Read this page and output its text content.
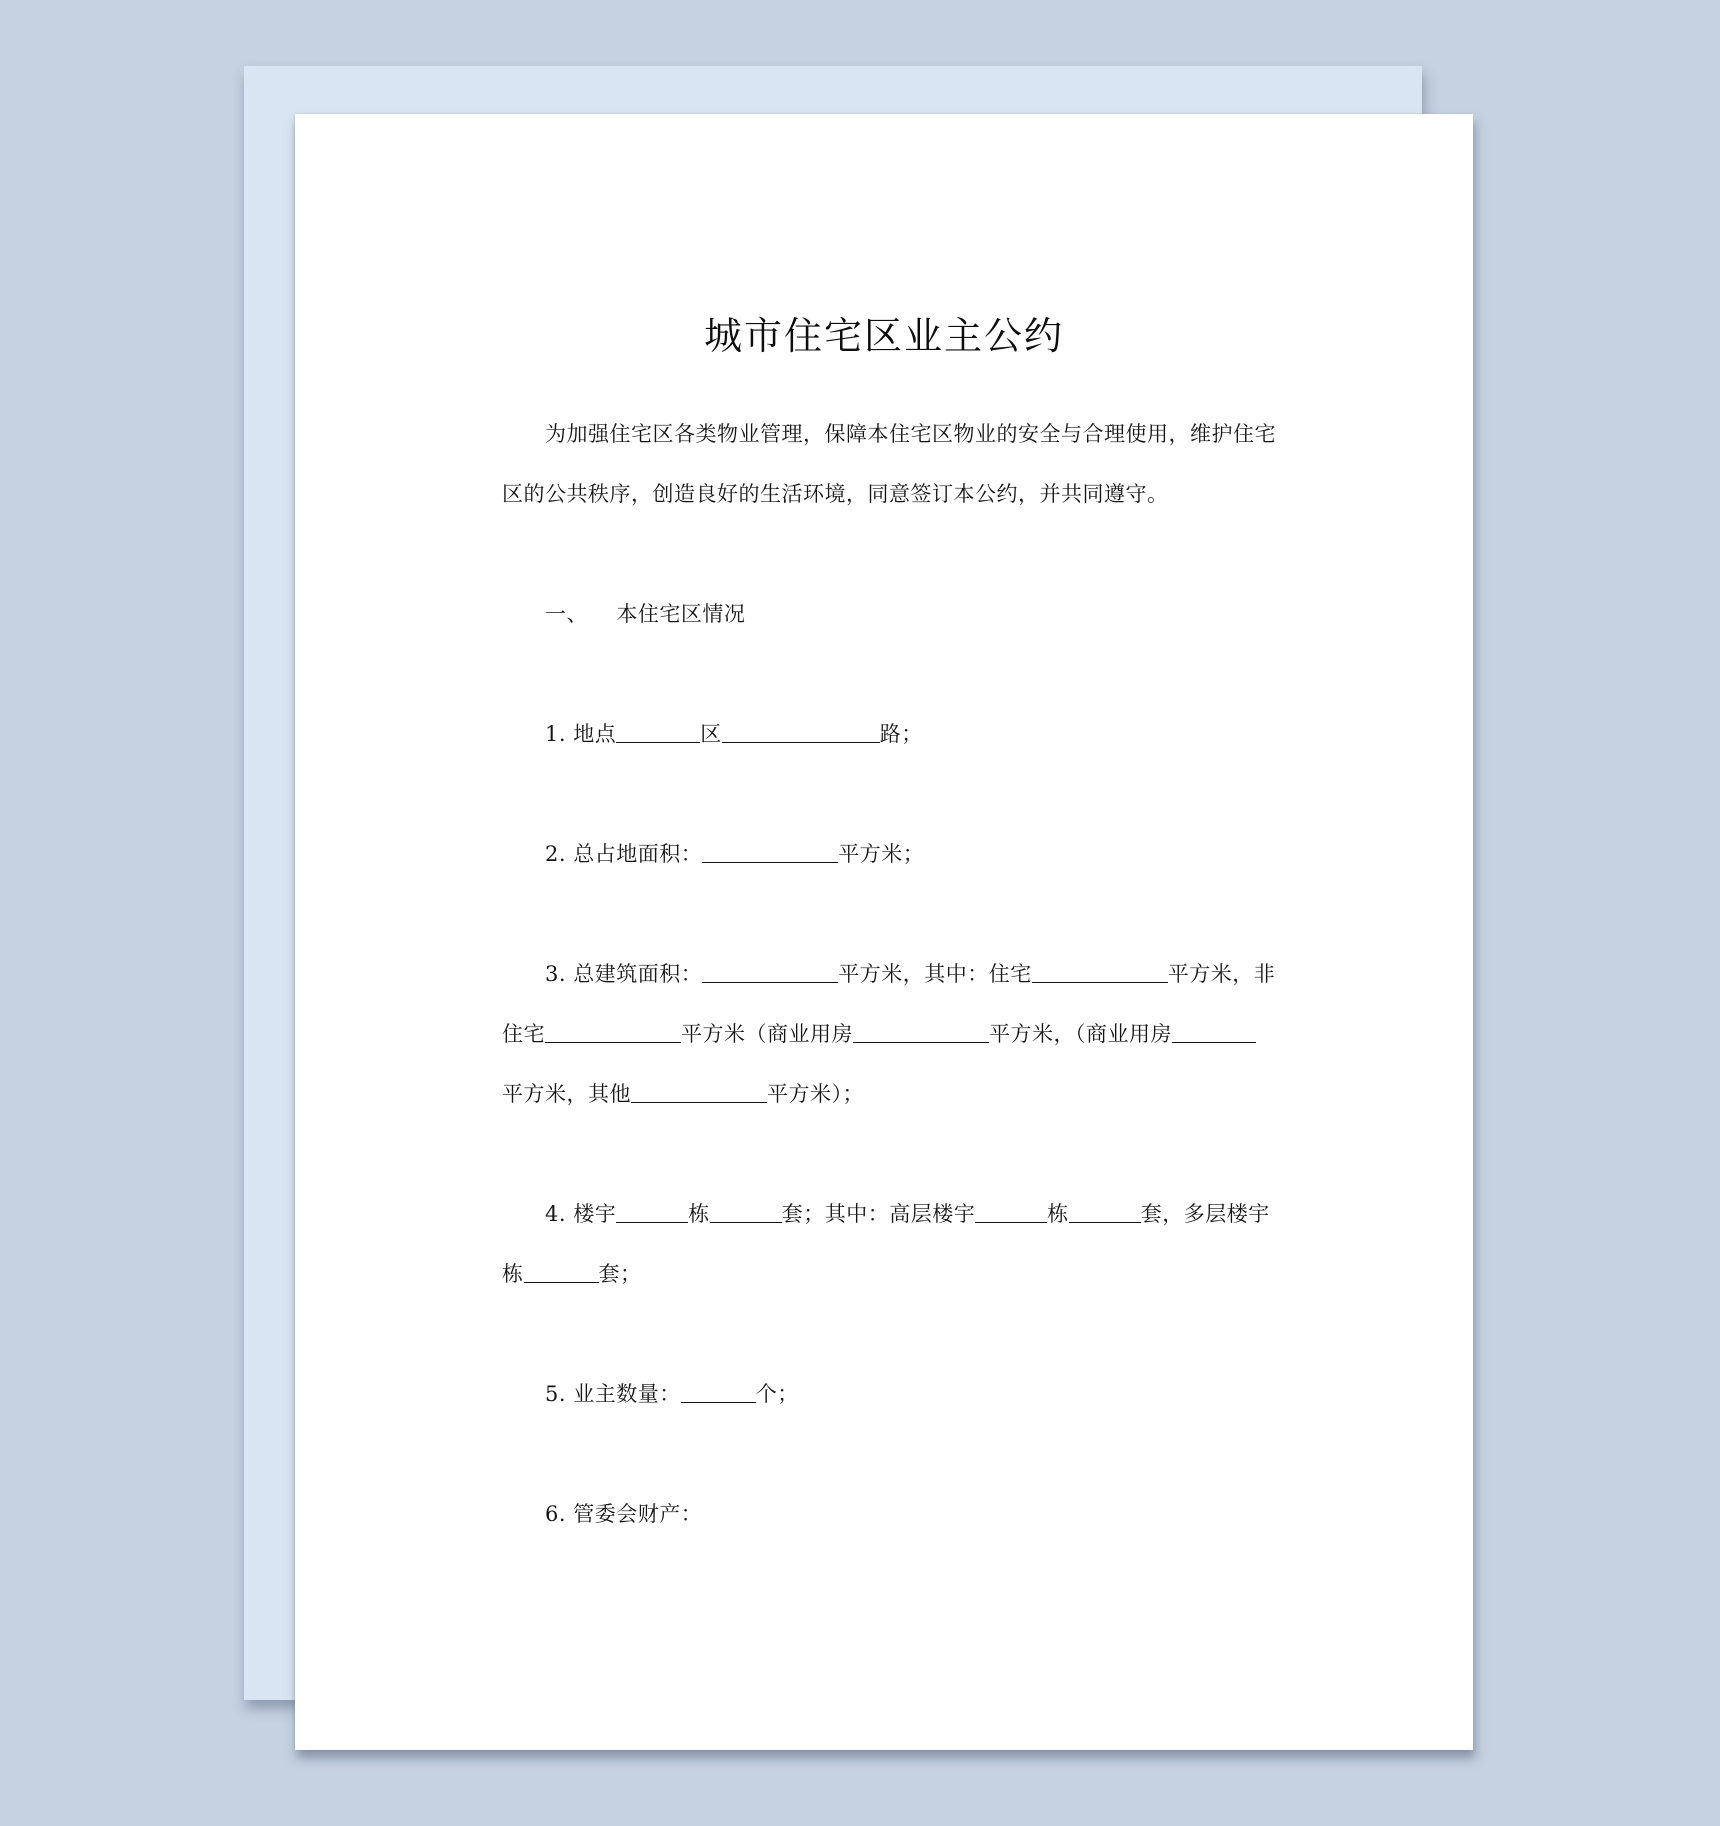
城市住宅区业主公约
为加强住宅区各类物业管理，保障本住宅区物业的安全与合理使用，维护住宅
区的公共秩序，创造良好的生活环境，同意签订本公约，并共同遵守。
一、 本住宅区情况
1. 地点	区	路；
2. 总占地面积：	平方米；
3. 总建筑面积：	平方米，其中：住宅	平方米，非
住宅	平方米（商业用房	平方米，（商业用房
平方米，其他	平方米）；
4. 楼宇	栋	套；其中：高层楼宇	栋	套，多层楼宇
栋	套；
5. 业主数量：	个；
6. 管委会财产：
